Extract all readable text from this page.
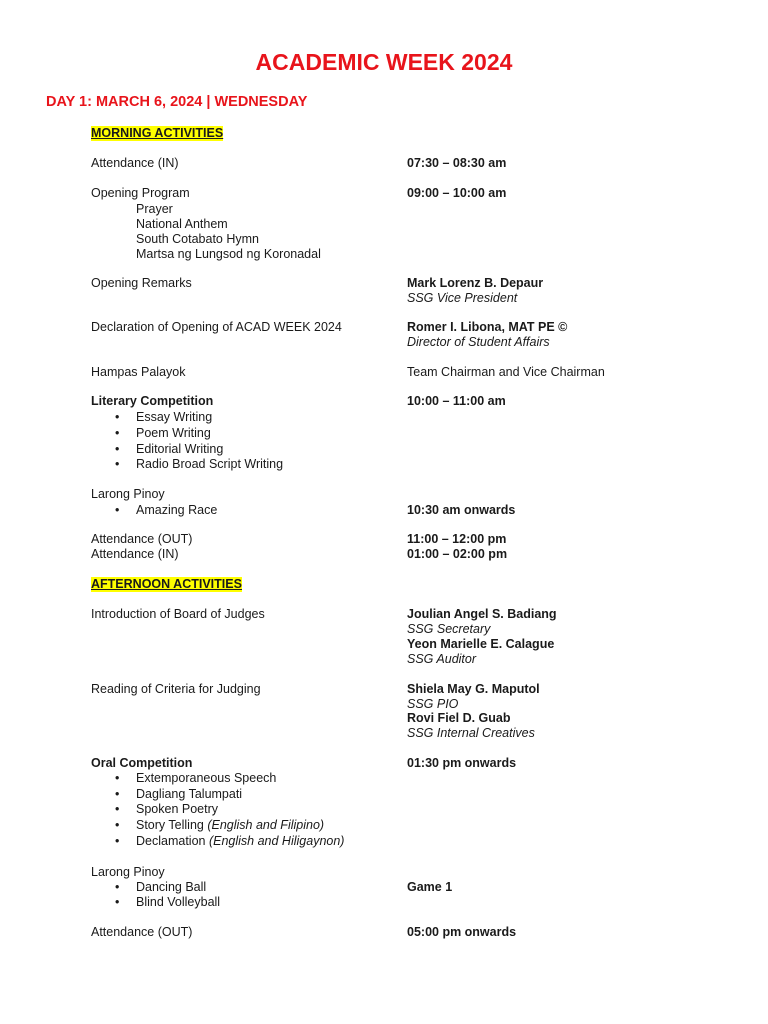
ACADEMIC WEEK 2024
DAY 1: MARCH 6, 2024 | WEDNESDAY
MORNING ACTIVITIES
Attendance (IN)	07:30 – 08:30 am
Opening Program	09:00 – 10:00 am
Prayer
National Anthem
South Cotabato Hymn
Martsa ng Lungsod ng Koronadal
Opening Remarks	Mark Lorenz B. Depaur
SSG Vice President
Declaration of Opening of ACAD WEEK 2024	Romer I. Libona, MAT PE ©
Director of Student Affairs
Hampas Palayok	Team Chairman and Vice Chairman
Literary Competition	10:00 – 11:00 am
• Essay Writing
• Poem Writing
• Editorial Writing
• Radio Broad Script Writing
Larong Pinoy
• Amazing Race	10:30 am onwards
Attendance (OUT)	11:00 – 12:00 pm
Attendance (IN)	01:00 – 02:00 pm
AFTERNOON ACTIVITIES
Introduction of Board of Judges	Joulian Angel S. Badiang
SSG Secretary
Yeon Marielle E. Calague
SSG Auditor
Reading of Criteria for Judging	Shiela May G. Maputol
SSG PIO
Rovi Fiel D. Guab
SSG Internal Creatives
Oral Competition	01:30 pm onwards
• Extemporaneous Speech
• Dagliang Talumpati
• Spoken Poetry
• Story Telling (English and Filipino)
• Declamation (English and Hiligaynon)
Larong Pinoy
• Dancing Ball	Game 1
• Blind Volleyball
Attendance (OUT)	05:00 pm onwards
